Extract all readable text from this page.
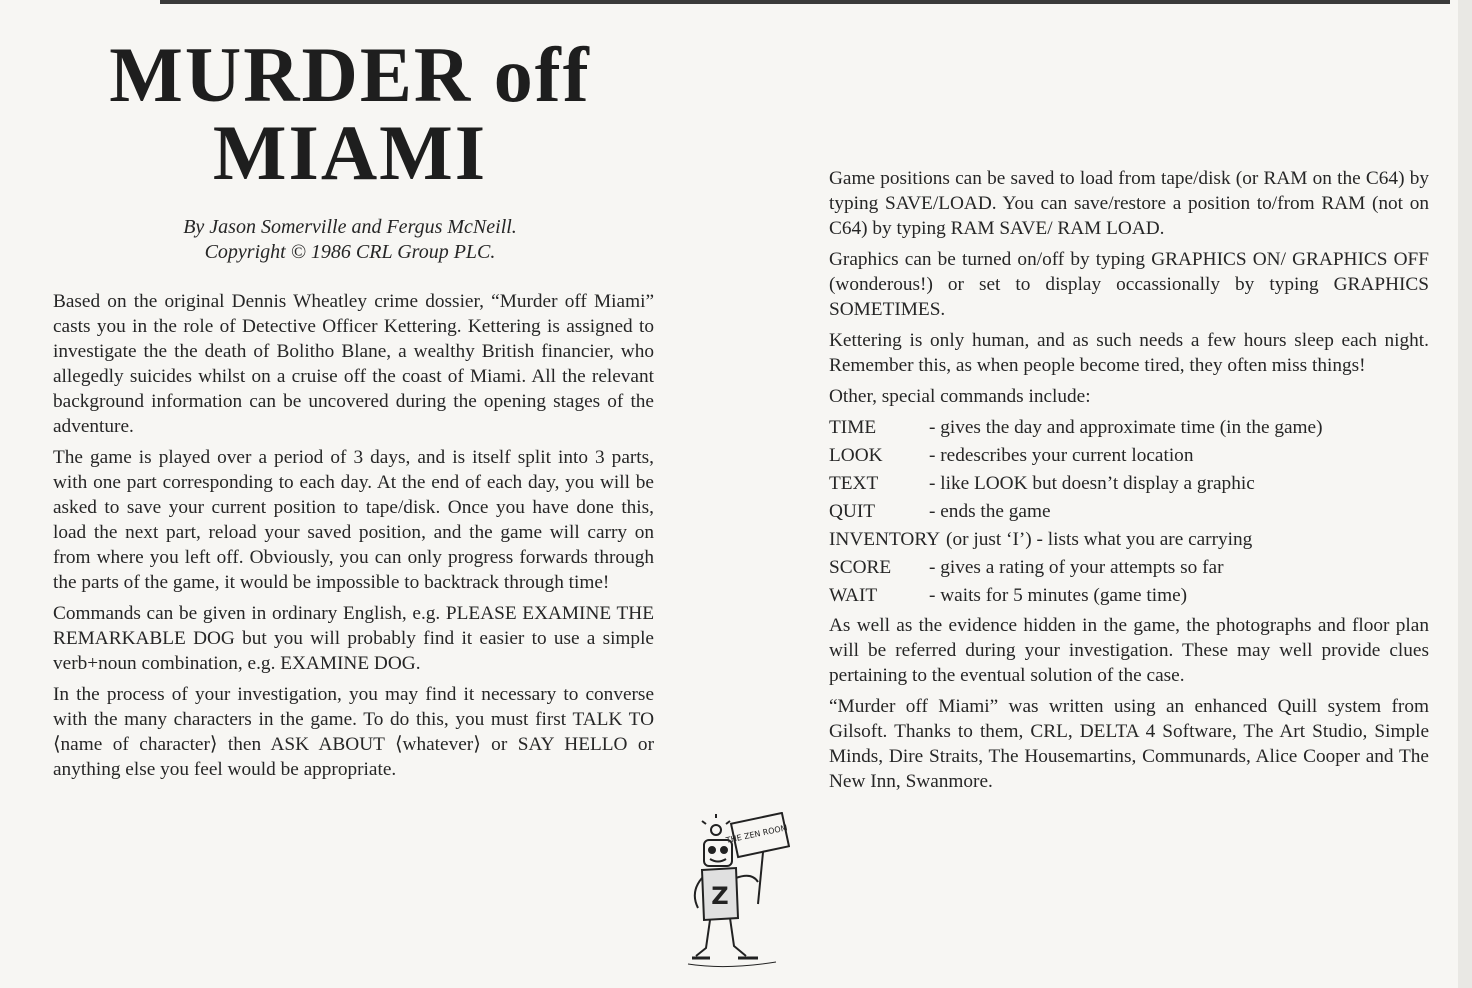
MURDER off
MIAMI
By Jason Somerville and Fergus McNeill.
Copyright © 1986 CRL Group PLC.

Based on the original Dennis Wheatley crime dossier, “Murder off Miami” casts you in the role of Detective Officer Kettering. Kettering is assigned to investigate the the death of Bolitho Blane, a wealthy British financier, who allegedly suicides whilst on a cruise off the coast of Miami. All the relevant background information can be uncovered during the opening stages of the adventure.

The game is played over a period of 3 days, and is itself split into 3 parts, with one part corresponding to each day. At the end of each day, you will be asked to save your current position to tape/disk. Once you have done this, load the next part, reload your saved position, and the game will carry on from where you left off. Obviously, you can only progress forwards through the parts of the game, it would be impossible to backtrack through time!

Commands can be given in ordinary English, e.g. PLEASE EXAMINE THE REMARKABLE DOG but you will probably find it easier to use a simple verb+noun combination, e.g. EXAMINE DOG.

In the process of your investigation, you may find it necessary to converse with the many characters in the game. To do this, you must first TALK TO ⟨name of character⟩ then ASK ABOUT ⟨whatever⟩ or SAY HELLO or anything else you feel would be appropriate.

Game positions can be saved to load from tape/disk (or RAM on the C64) by typing SAVE/LOAD. You can save/restore a position to/from RAM (not on C64) by typing RAM SAVE/ RAM LOAD.

Graphics can be turned on/off by typing GRAPHICS ON/ GRAPHICS OFF (wonderous!) or set to display occassionally by typing GRAPHICS SOMETIMES.

Kettering is only human, and as such needs a few hours sleep each night. Remember this, as when people become tired, they often miss things!

Other, special commands include:

TIME	- gives the day and approximate time (in the game)
LOOK	- redescribes your current location
TEXT	- like LOOK but doesn’t display a graphic
QUIT	- ends the game
INVENTORY (or just ‘I’) - lists what you are carrying
SCORE	- gives a rating of your attempts so far
WAIT	- waits for 5 minutes (game time)

As well as the evidence hidden in the game, the photographs and floor plan will be referred during your investigation. These may well provide clues pertaining to the eventual solution of the case.

“Murder off Miami” was written using an enhanced Quill system from Gilsoft. Thanks to them, CRL, DELTA 4 Software, The Art Studio, Simple Minds, Dire Straits, The Housemartins, Communards, Alice Cooper and The New Inn, Swanmore.

THE ZEN ROOM
Z
